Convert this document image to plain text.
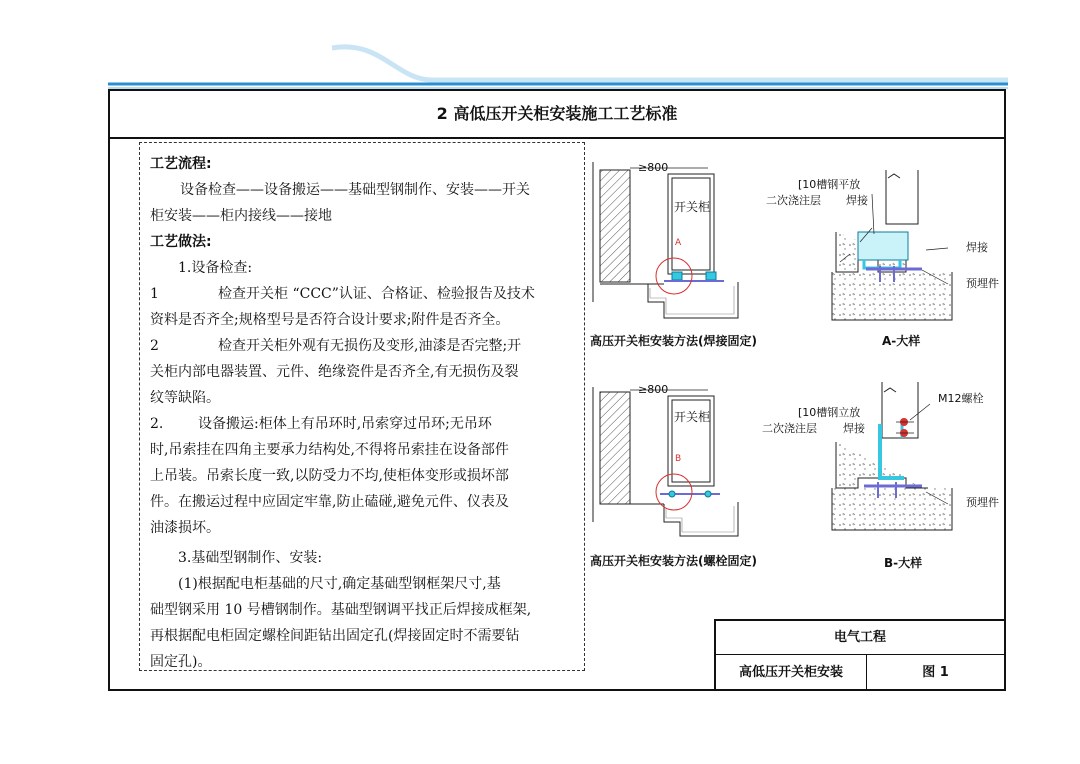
2 高低压开关柜安装施工工艺标准

工艺流程:

设备检查——设备搬运——基础型钢制作、安装——开关

柜安装——柜内接线——接地

工艺做法:

1.设备检查:

1	检查开关柜 “CCC”认证、合格证、检验报告及技术

资料是否齐全;规格型号是否符合设计要求;附件是否齐全。

2	检查开关柜外观有无损伤及变形,油漆是否完整;开

关柜内部电器装置、元件、绝缘瓷件是否齐全,有无损伤及裂

纹等缺陷。

2. 设备搬运:柜体上有吊环时,吊索穿过吊环;无吊环

时,吊索挂在四角主要承力结构处,不得将吊索挂在设备部件

上吊装。吊索长度一致,以防受力不均,使柜体变形或损坏部

件。在搬运过程中应固定牢靠,防止磕碰,避免元件、仪表及

油漆损坏。

3.基础型钢制作、安装:

(1)根据配电柜基础的尺寸,确定基础型钢框架尺寸,基

础型钢采用 10 号槽钢制作。基础型钢调平找正后焊接成框架,

再根据配电柜固定螺栓间距钻出固定孔(焊接固定时不需要钻

固定孔)。

≥800
开关柜
A
高压开关柜安装方法(焊接固定)
[10槽钢平放
二次浇注层 焊接
焊接
预埋件
A-大样
≥800
开关柜
B
高压开关柜安装方法(螺栓固定)
M12螺栓
[10槽钢立放
二次浇注层 焊接
预埋件
B-大样
电气工程
高低压开关柜安装	图 1
